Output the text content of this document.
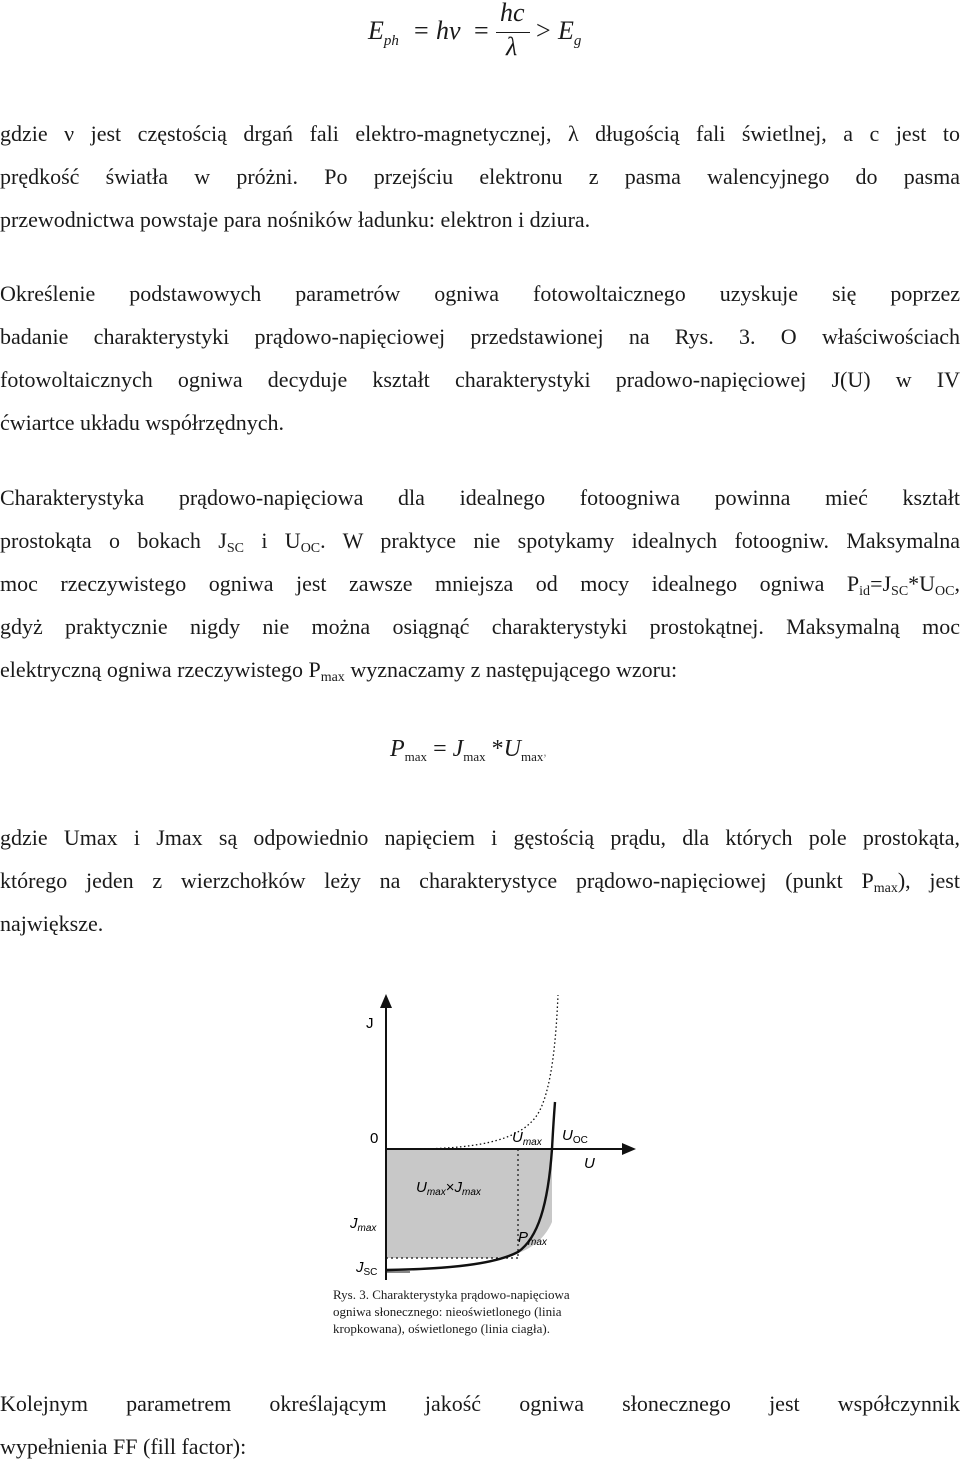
$E_{ph} = h\nu$ =
hc
λ
> $E_g$
gdzie ν jest częstością drgań fali elektro-magnetycznej, λ długością fali świetlnej, a c jest to
prędkość światła w próżni. Po przejściu elektronu z pasma walencyjnego do pasma
przewodnictwa powstaje para nośników ładunku: elektron i dziura.
Określenie podstawowych parametrów ogniwa fotowoltaicznego uzyskuje się poprzez
badanie charakterystyki prądowo-napięciowej przedstawionej na Rys. 3. O właściwościach
fotowoltaicznych ogniwa decyduje kształt charakterystyki pradowo-napięciowej J(U) w IV
ćwiartce układu współrzędnych.
Charakterystyka prądowo-napięciowa dla idealnego fotoogniwa powinna mieć kształt
prostokąta o bokach $J_{SC}$ i $U_{OC}$. W praktyce nie spotykamy idealnych fotoogniw. Maksymalna
moc rzeczywistego ogniwa jest zawsze mniejsza od mocy idealnego ogniwa $P_{id}=J_{SC}*U_{OC}$,
gdyż praktycznie nigdy nie można osiągnąć charakterystyki prostokątnej. Maksymalną moc
elektryczną ogniwa rzeczywistego $P_{max}$ wyznaczamy z następującego wzoru:
$P_{max} = J_{max}$ $*U_{max}$,
gdzie Umax i Jmax są odpowiednio napięciem i gęstością prądu, dla których pole prostokąta,
którego jeden z wierzchołków leży na charakterystyce prądowo-napięciowej (punkt $P_{max}$), jest
największe.
J
0
U
$U_{max}$ $U_{OC}$
$U_{max}\times J_{max}$
$J_{max}$
$P_{max}$
$J_{SC}$
Rys. 3. Charakterystyka prądowo-napięciowa
ogniwa słonecznego: nieoświetlonego (linia
kropkowana), oświetlonego (linia ciagła).
Kolejnym parametrem określającym jakość ogniwa słonecznego jest współczynnik
wypełnienia FF (fill factor):
